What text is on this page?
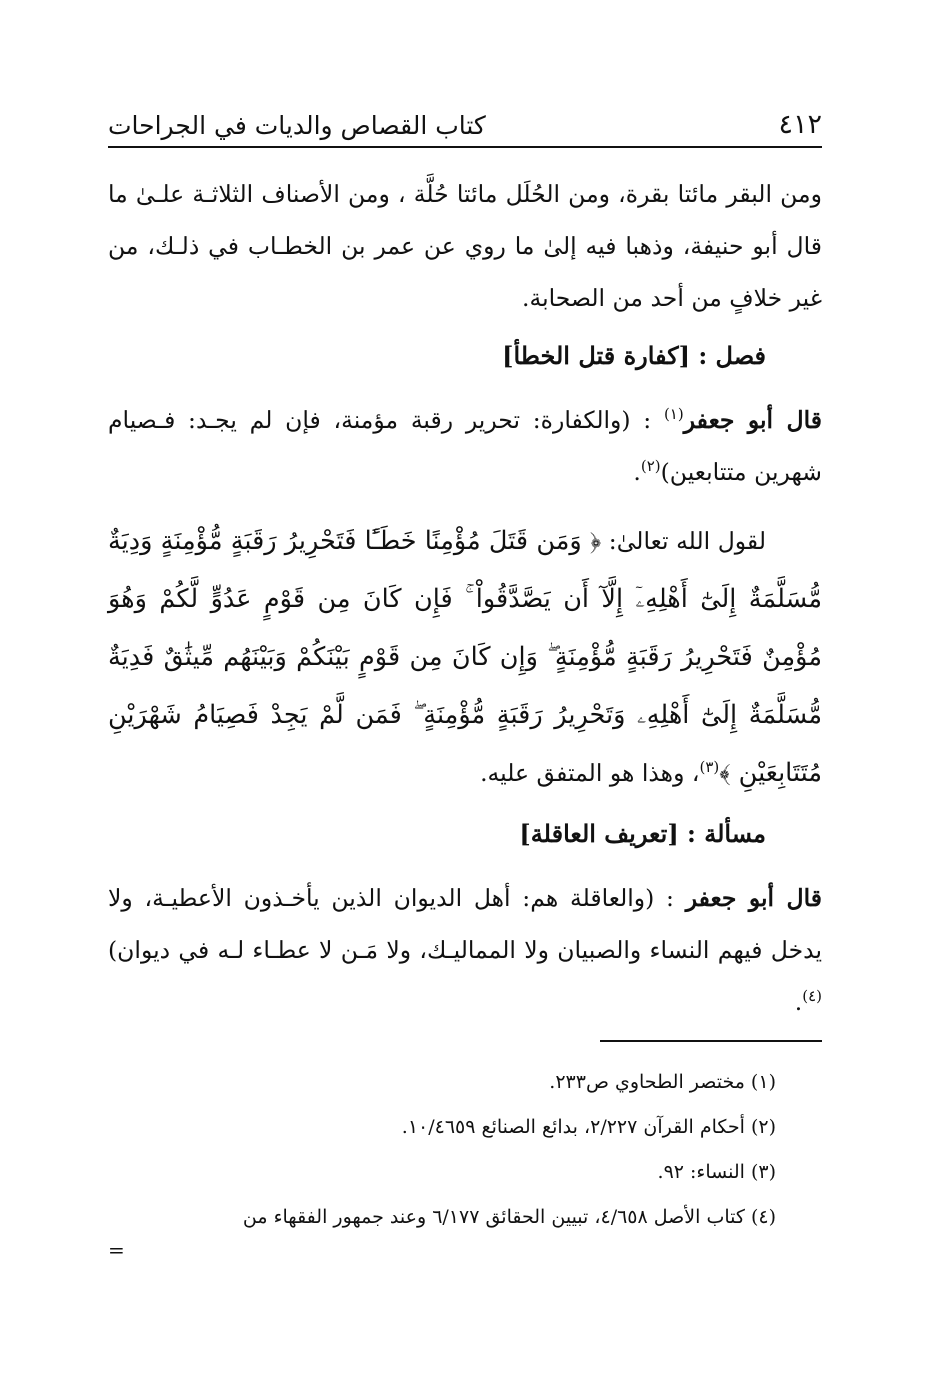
٤١٢
كتاب القصاص والديات في الجراحات

ومن البقر مائتا بقرة، ومن الحُلَل مائتا حُلَّة ، ومن الأصناف الثلاثـة علـىٰ ما قال أبو حنيفة، وذهبا فيه إلىٰ ما روي عن عمر بن الخطـاب في ذلـك، من غير خلافٍ من أحد من الصحابة.

فصل : [كفارة قتل الخطأ]

قال أبو جعفر$^{(١)}$ : (والكفارة: تحرير رقبة مؤمنة، فإن لم يجـد: فـصيام شهرين متتابعين)$^{(٢)}$.

لقول الله تعالىٰ: ﴿ وَمَن قَتَلَ مُؤْمِنًا خَطَـًٔا فَتَحْرِيرُ رَقَبَةٍ مُّؤْمِنَةٍ وَدِيَةٌ مُّسَلَّمَةٌ إِلَىٰٓ أَهْلِهِۦٓ إِلَّآ أَن يَصَّدَّقُواْ ۚ فَإِن كَانَ مِن قَوْمٍ عَدُوٍّ لَّكُمْ وَهُوَ مُؤْمِنٌ فَتَحْرِيرُ رَقَبَةٍ مُّؤْمِنَةٍ ۖ وَإِن كَانَ مِن قَوْمٍ بَيْنَكُمْ وَبَيْنَهُم مِّيثَٰقٌ فَدِيَةٌ مُّسَلَّمَةٌ إِلَىٰٓ أَهْلِهِۦ وَتَحْرِيرُ رَقَبَةٍ مُّؤْمِنَةٍ ۖ فَمَن لَّمْ يَجِدْ فَصِيَامُ شَهْرَيْنِ مُتَتَابِعَيْنِ ﴾$^{(٣)}$، وهذا هو المتفق عليه.

مسألة : [تعريف العاقلة]

قال أبو جعفر : (والعاقلة هم: أهل الديوان الذين يأخـذون الأعطيـة، ولا يدخل فيهم النساء والصبيان ولا المماليـك، ولا مَـن لا عطـاء لـه في ديوان)$^{(٤)}$.

(١) مختصر الطحاوي ص٢٣٣.

(٢) أحكام القرآن ٢/٢٢٧، بدائع الصنائع ١٠/٤٦٥٩.

(٣) النساء: ٩٢.

(٤) كتاب الأصل ٤/٦٥٨، تبيين الحقائق ٦/١٧٧ وعند جمهور الفقهاء من

=
